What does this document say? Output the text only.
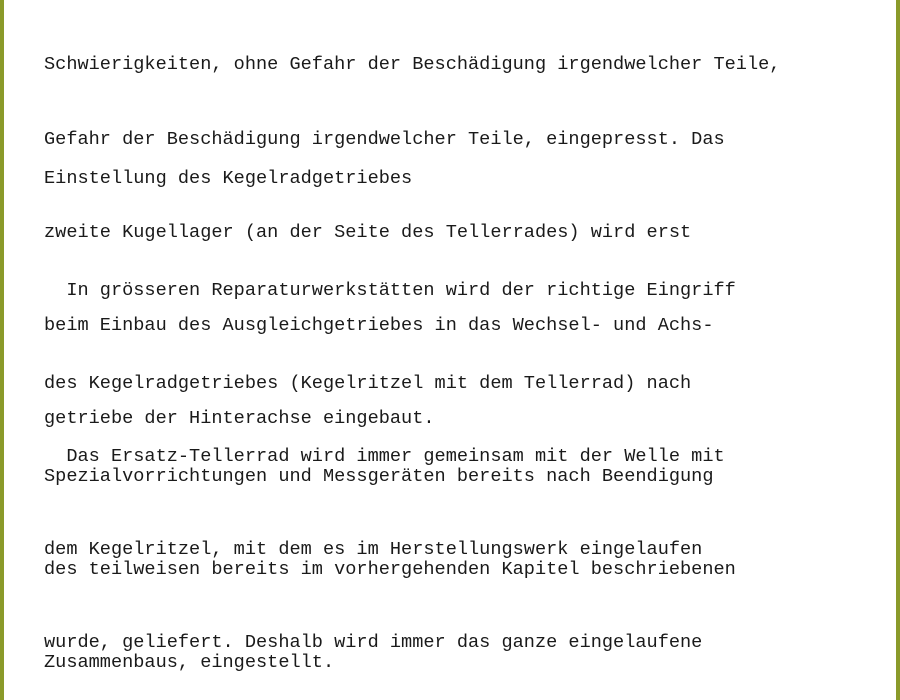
Schwierigkeiten, ohne Gefahr der Beschädigung irgendwelcher Teile,

Gefahr der Beschädigung irgendwelcher Teile, eingepresst. Das

zweite Kugellager (an der Seite des Tellerrades) wird erst

beim Einbau des Ausgleichgetriebes in das Wechsel- und Achs-

getriebe der Hinterachse eingebaut.

Einstellung des Kegelradgetriebes

In grösseren Reparaturwerkstätten wird der richtige Eingriff

des Kegelradgetriebes (Kegelritzel mit dem Tellerrad) nach

Spezialvorrichtungen und Messgeräten bereits nach Beendigung

des teilweisen bereits im vorhergehenden Kapitel beschriebenen

Zusammenbaus, eingestellt.

Das Ersatz-Tellerrad wird immer gemeinsam mit der Welle mit

dem Kegelritzel, mit dem es im Herstellungswerk eingelaufen

wurde, geliefert. Deshalb wird immer das ganze eingelaufene
